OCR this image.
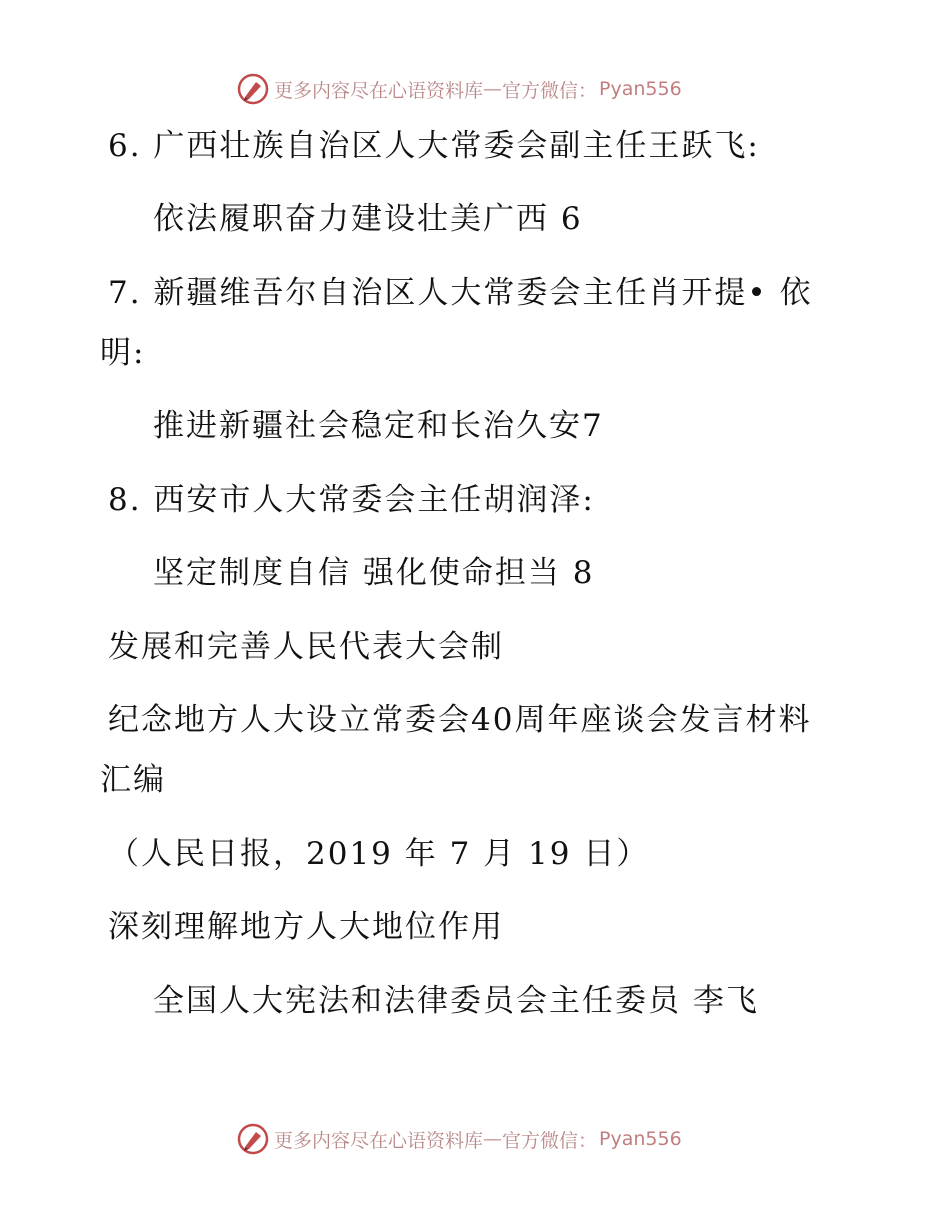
更多内容尽在心语资料库 — 官方微信： Pyan556
6. 广西壮族自治区人大常委会副主任王跃飞:
依法履职奋力建设壮美广西 6
7. 新疆维吾尔自治区人大常委会主任肖开提• 依
明:
推进新疆社会稳定和长治久安7
8. 西安市人大常委会主任胡润泽:
坚定制度自信 强化使命担当 8
发展和完善人民代表大会制
纪念地方人大设立常委会40周年座谈会发言材料
汇编
（人民日报，2019 年 7 月 19 日）
深刻理解地方人大地位作用
全国人大宪法和法律委员会主任委员 李飞
更多内容尽在心语资料库 — 官方微信： Pyan556
